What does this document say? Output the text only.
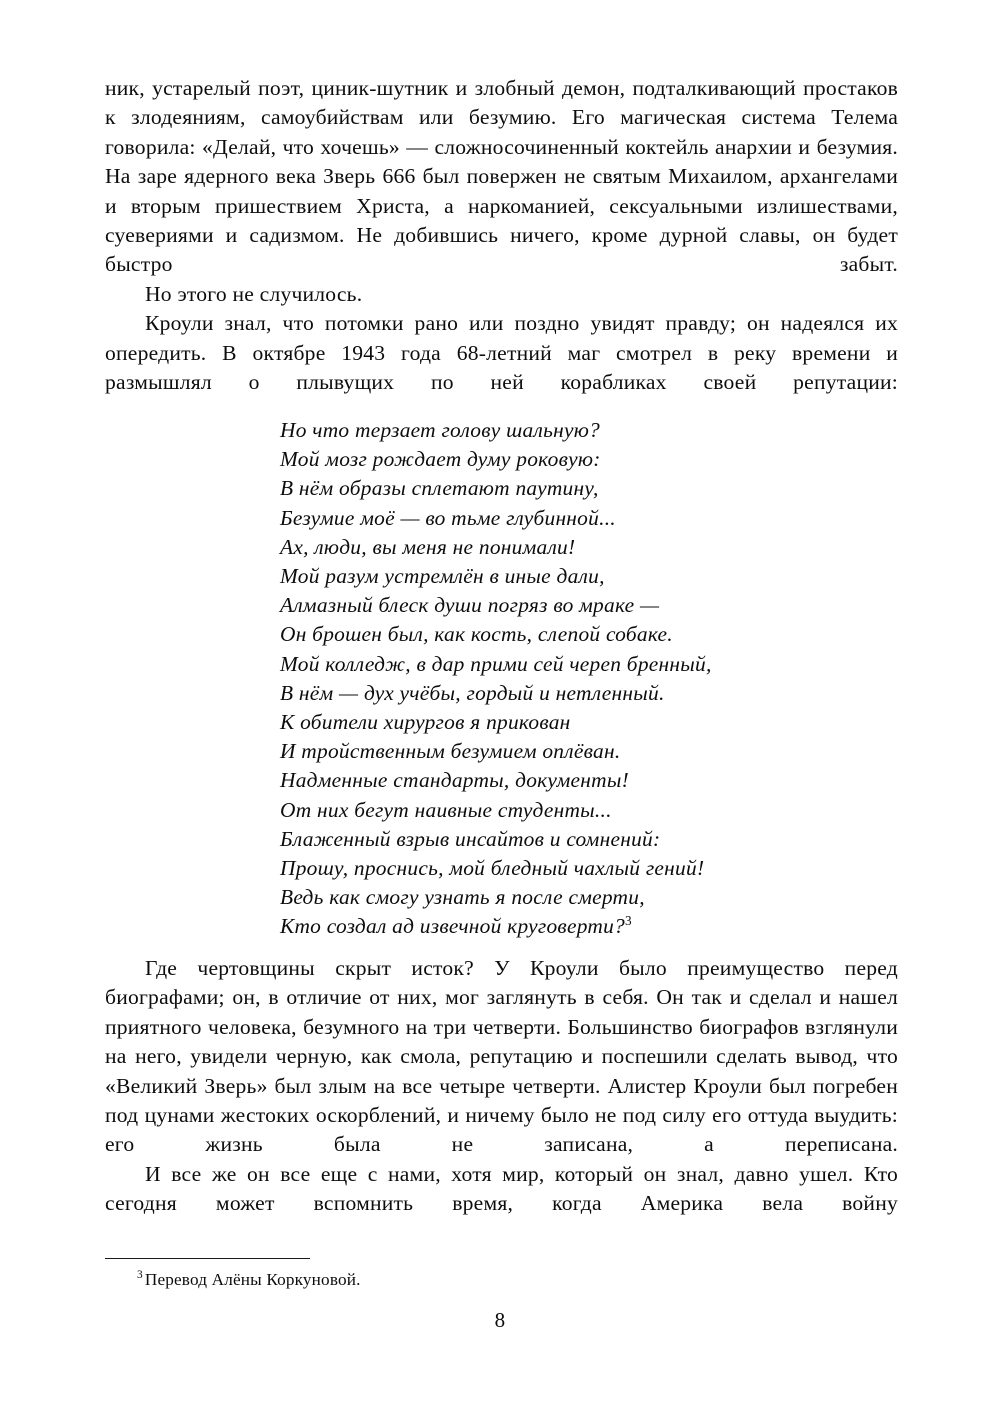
ник, устарелый поэт, циник-шутник и злобный демон, подталкивающий простаков к злодеяниям, самоубийствам или безумию. Его магическая система Телема говорила: «Делай, что хочешь» — сложносочиненный коктейль анархии и безумия. На заре ядерного века Зверь 666 был повержен не святым Михаилом, архангелами и вторым пришествием Христа, а наркоманией, сексуальными излишествами, суевериями и садизмом. Не добившись ничего, кроме дурной славы, он будет быстро забыт.

Но этого не случилось.

Кроули знал, что потомки рано или поздно увидят правду; он надеялся их опередить. В октябре 1943 года 68-летний маг смотрел в реку времени и размышлял о плывущих по ней корабликах своей репутации:

Но что терзает голову шальную?
Мой мозг рождает думу роковую:
В нём образы сплетают паутину,
Безумие моё — во тьме глубинной...
Ах, люди, вы меня не понимали!
Мой разум устремлён в иные дали,
Алмазный блеск души погряз во мраке —
Он брошен был, как кость, слепой собаке.
Мой колледж, в дар прими сей череп бренный,
В нём — дух учёбы, гордый и нетленный.
К обители хирургов я прикован
И тройственным безумием оплёван.
Надменные стандарты, документы!
От них бегут наивные студенты...
Блаженный взрыв инсайтов и сомнений:
Прошу, проснись, мой бледный чахлый гений!
Ведь как смогу узнать я после смерти,
Кто создал ад извечной круговерти?$^3$

Где чертовщины скрыт исток? У Кроули было преимущество перед биографами; он, в отличие от них, мог заглянуть в себя. Он так и сделал и нашел приятного человека, безумного на три четверти. Большинство биографов взглянули на него, увидели черную, как смола, репутацию и поспешили сделать вывод, что «Великий Зверь» был злым на все четыре четверти. Алистер Кроули был погребен под цунами жестоких оскорблений, и ничему было не под силу его оттуда выудить: его жизнь была не записана, а переписана.

И все же он все еще с нами, хотя мир, который он знал, давно ушел. Кто сегодня может вспомнить время, когда Америка вела войну

$^3$ Перевод Алёны Коркуновой.

8
